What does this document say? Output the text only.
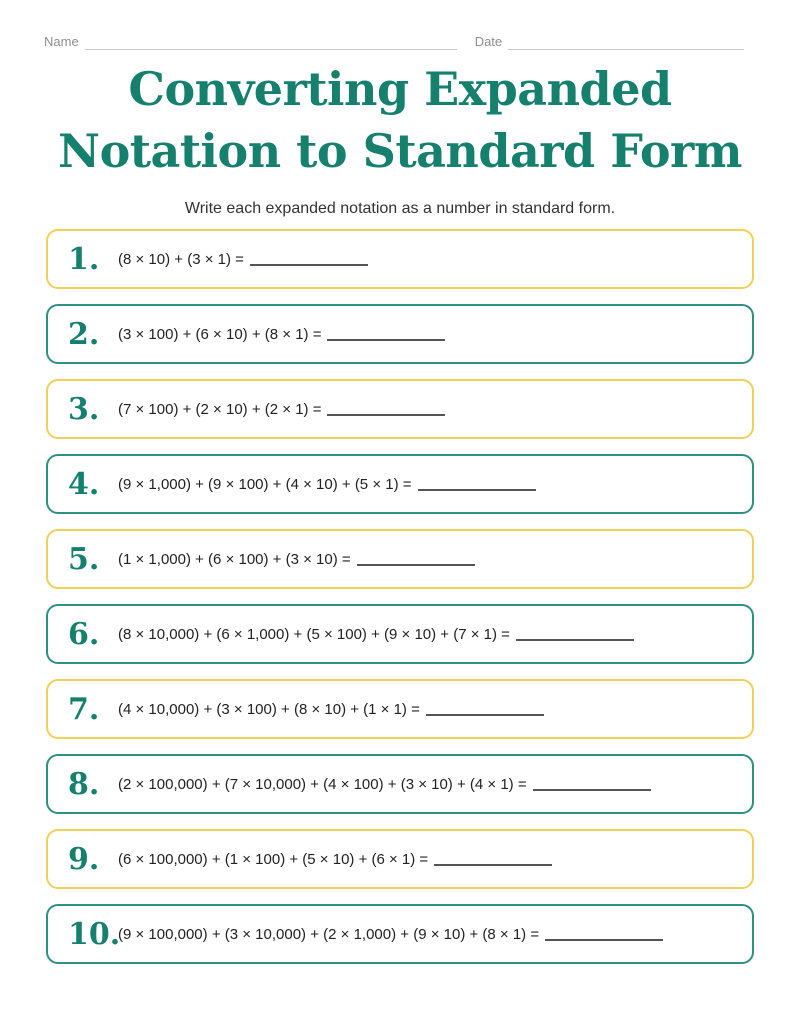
Name	Date
Converting Expanded
Notation to Standard Form
Write each expanded notation as a number in standard form.
1.	(8 × 10) + (3 × 1) =
2.	(3 × 100) + (6 × 10) + (8 × 1) =
3.	(7 × 100) + (2 × 10) + (2 × 1) =
4.	(9 × 1,000) + (9 × 100) + (4 × 10) + (5 × 1) =
5.	(1 × 1,000) + (6 × 100) + (3 × 10) =
6.	(8 × 10,000) + (6 × 1,000) + (5 × 100) + (9 × 10) + (7 × 1) =
7.	(4 × 10,000) + (3 × 100) + (8 × 10) + (1 × 1) =
8.	(2 × 100,000) + (7 × 10,000) + (4 × 100) + (3 × 10) + (4 × 1) =
9.	(6 × 100,000) + (1 × 100) + (5 × 10) + (6 × 1) =
10.
(9 × 100,000) + (3 × 10,000) + (2 × 1,000) + (9 × 10) + (8 × 1) =
